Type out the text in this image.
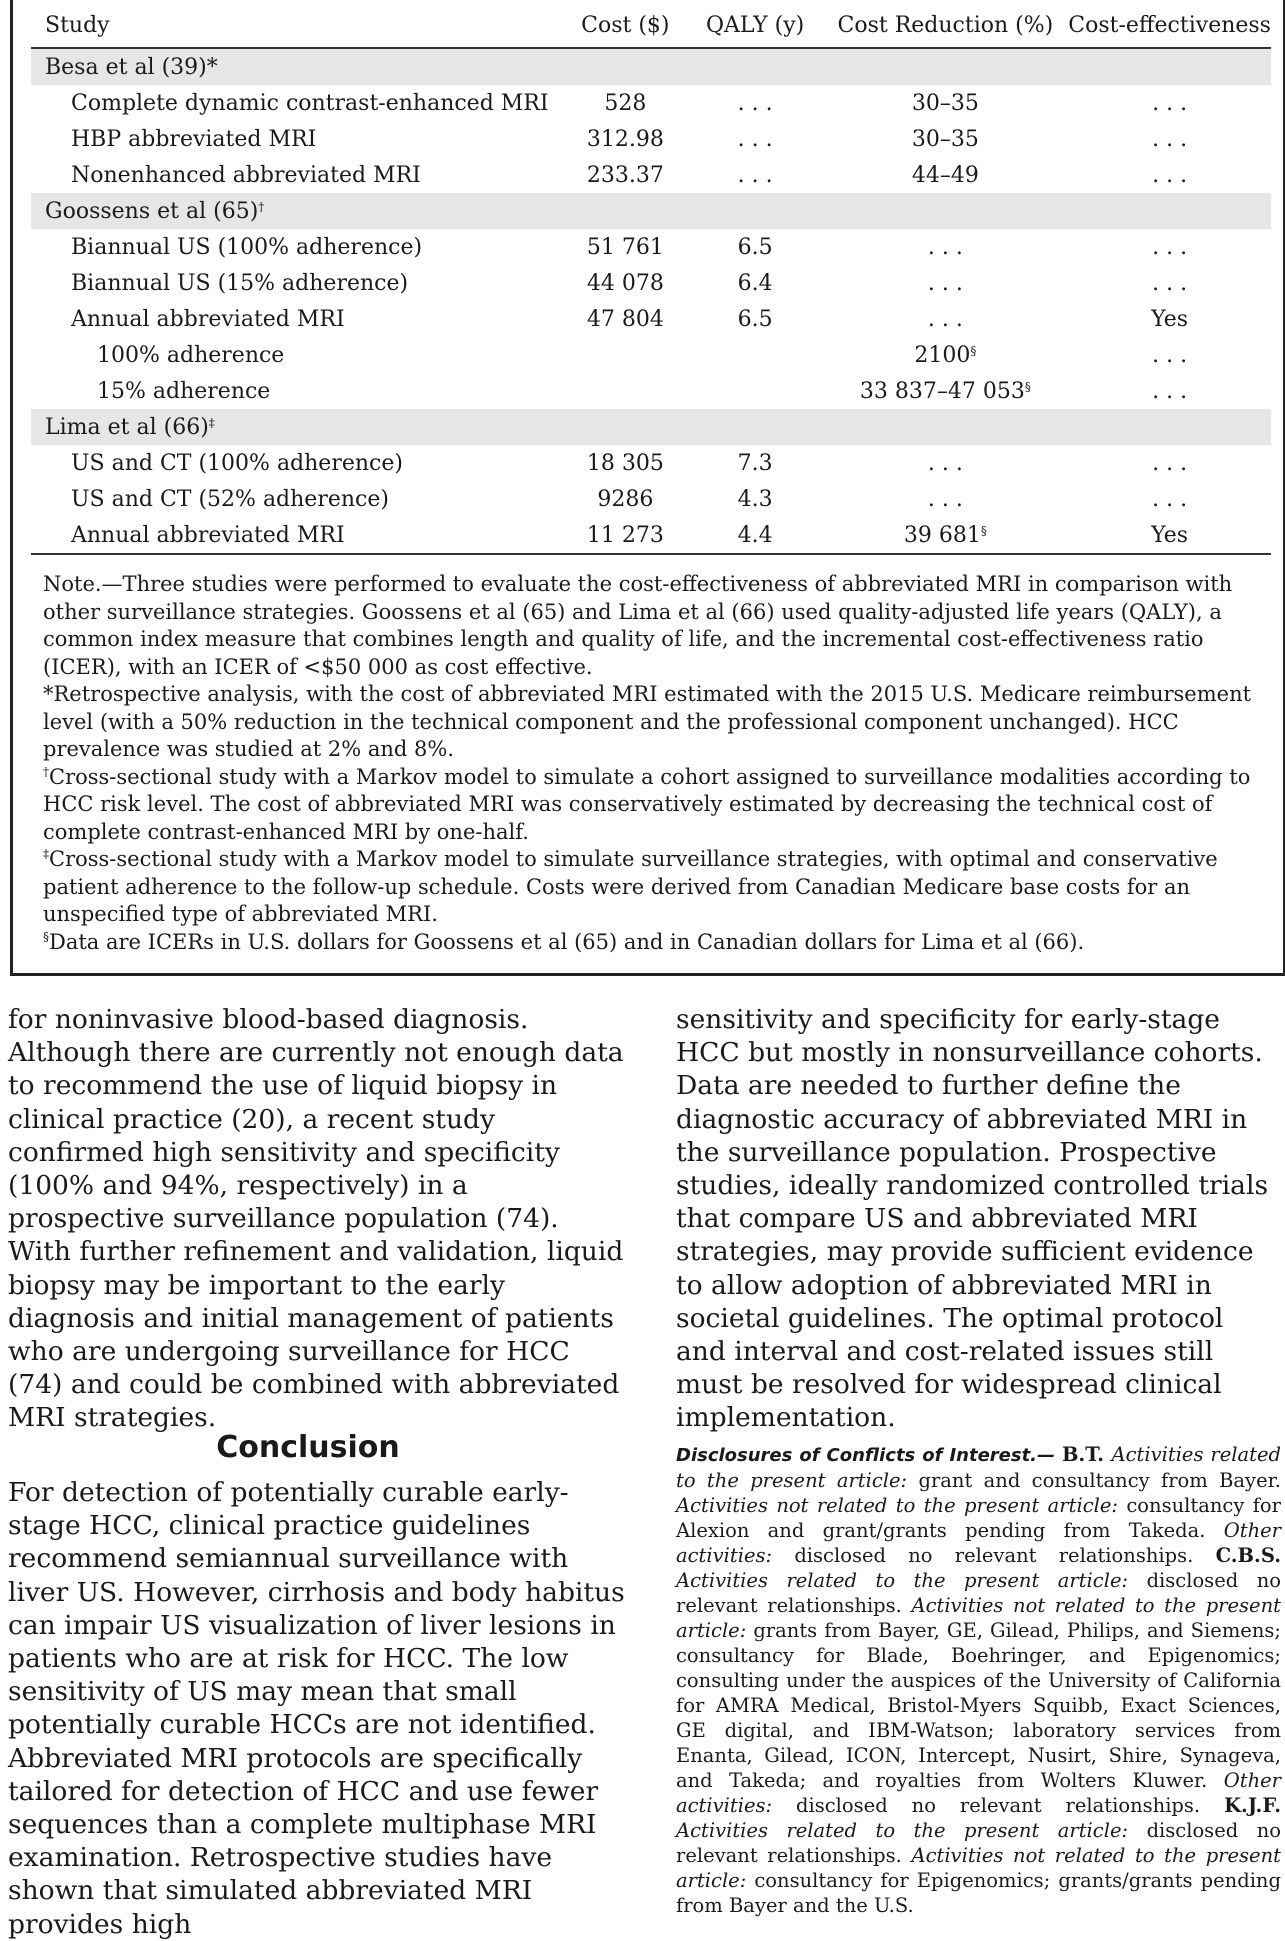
Study	Cost ($)	QALY (y)	Cost Reduction (%)	Cost-effectiveness
Besa et al (39)*				
Complete dynamic contrast-enhanced MRI	528	. . .	30–35	. . .
HBP abbreviated MRI	312.98	. . .	30–35	. . .
Nonenhanced abbreviated MRI	233.37	. . .	44–49	. . .
Goossens et al (65)†
Biannual US (100% adherence)	51 761	6.5	. . .	. . .
Biannual US (15% adherence)	44 078	6.4	. . .	. . .
Annual abbreviated MRI	47 804	6.5	. . .	Yes
100% adherence			2100§	. . .
15% adherence			33 837–47 053§	. . .
Lima et al (66)‡
US and CT (100% adherence)	18 305	7.3	. . .	. . .
US and CT (52% adherence)	9286	4.3	. . .	. . .
Annual abbreviated MRI	11 273	4.4	39 681§	Yes

Note.—Three studies were performed to evaluate the cost-effectiveness of abbreviated MRI in comparison with other surveillance strategies. Goossens et al (65) and Lima et al (66) used quality-adjusted life years (QALY), a common index measure that combines length and quality of life, and the incremental cost-effectiveness ratio (ICER), with an ICER of <$50 000 as cost effective.

*Retrospective analysis, with the cost of abbreviated MRI estimated with the 2015 U.S. Medicare reimbursement level (with a 50% reduction in the technical component and the professional component unchanged). HCC prevalence was studied at 2% and 8%.

†Cross-sectional study with a Markov model to simulate a cohort assigned to surveillance modalities according to HCC risk level. The cost of abbreviated MRI was conservatively estimated by decreasing the technical cost of complete contrast-enhanced MRI by one-half.

‡Cross-sectional study with a Markov model to simulate surveillance strategies, with optimal and conservative patient adherence to the follow-up schedule. Costs were derived from Canadian Medicare base costs for an unspecified type of abbreviated MRI.

§Data are ICERs in U.S. dollars for Goossens et al (65) and in Canadian dollars for Lima et al (66).

for noninvasive blood-based diagnosis. Although there are currently not enough data to recommend the use of liquid biopsy in clinical practice (20), a recent study confirmed high sensitivity and specificity (100% and 94%, respectively) in a prospective surveillance population (74). With further refinement and validation, liquid biopsy may be important to the early diagnosis and initial management of patients who are undergoing surveillance for HCC (74) and could be combined with abbreviated MRI strategies.

sensitivity and specificity for early-stage HCC but mostly in nonsurveillance cohorts. Data are needed to further define the diagnostic accuracy of abbreviated MRI in the surveillance population. Prospective studies, ideally randomized controlled trials that compare US and abbreviated MRI strategies, may provide sufficient evidence to allow adoption of abbreviated MRI in societal guidelines. The optimal protocol and interval and cost-related issues still must be resolved for widespread clinical implementation.

Conclusion

For detection of potentially curable early-stage HCC, clinical practice guidelines recommend semiannual surveillance with liver US. However, cirrhosis and body habitus can impair US visualization of liver lesions in patients who are at risk for HCC. The low sensitivity of US may mean that small potentially curable HCCs are not identified. Abbreviated MRI protocols are specifically tailored for detection of HCC and use fewer sequences than a complete multiphase MRI examination. Retrospective studies have shown that simulated abbreviated MRI provides high

Disclosures of Conflicts of Interest.— B.T. Activities related to the present article: grant and consultancy from Bayer. Activities not related to the present article: consultancy for Alexion and grant/grants pending from Takeda. Other activities: disclosed no relevant relationships. C.B.S. Activities related to the present article: disclosed no relevant relationships. Activities not related to the present article: grants from Bayer, GE, Gilead, Philips, and Siemens; consultancy for Blade, Boehringer, and Epigenomics; consulting under the auspices of the University of California for AMRA Medical, Bristol-Myers Squibb, Exact Sciences, GE digital, and IBM-Watson; laboratory services from Enanta, Gilead, ICON, Intercept, Nusirt, Shire, Synageva, and Takeda; and royalties from Wolters Kluwer. Other activities: disclosed no relevant relationships. K.J.F. Activities related to the present article: disclosed no relevant relationships. Activities not related to the present article: consultancy for Epigenomics; grants/grants pending from Bayer and the U.S.
